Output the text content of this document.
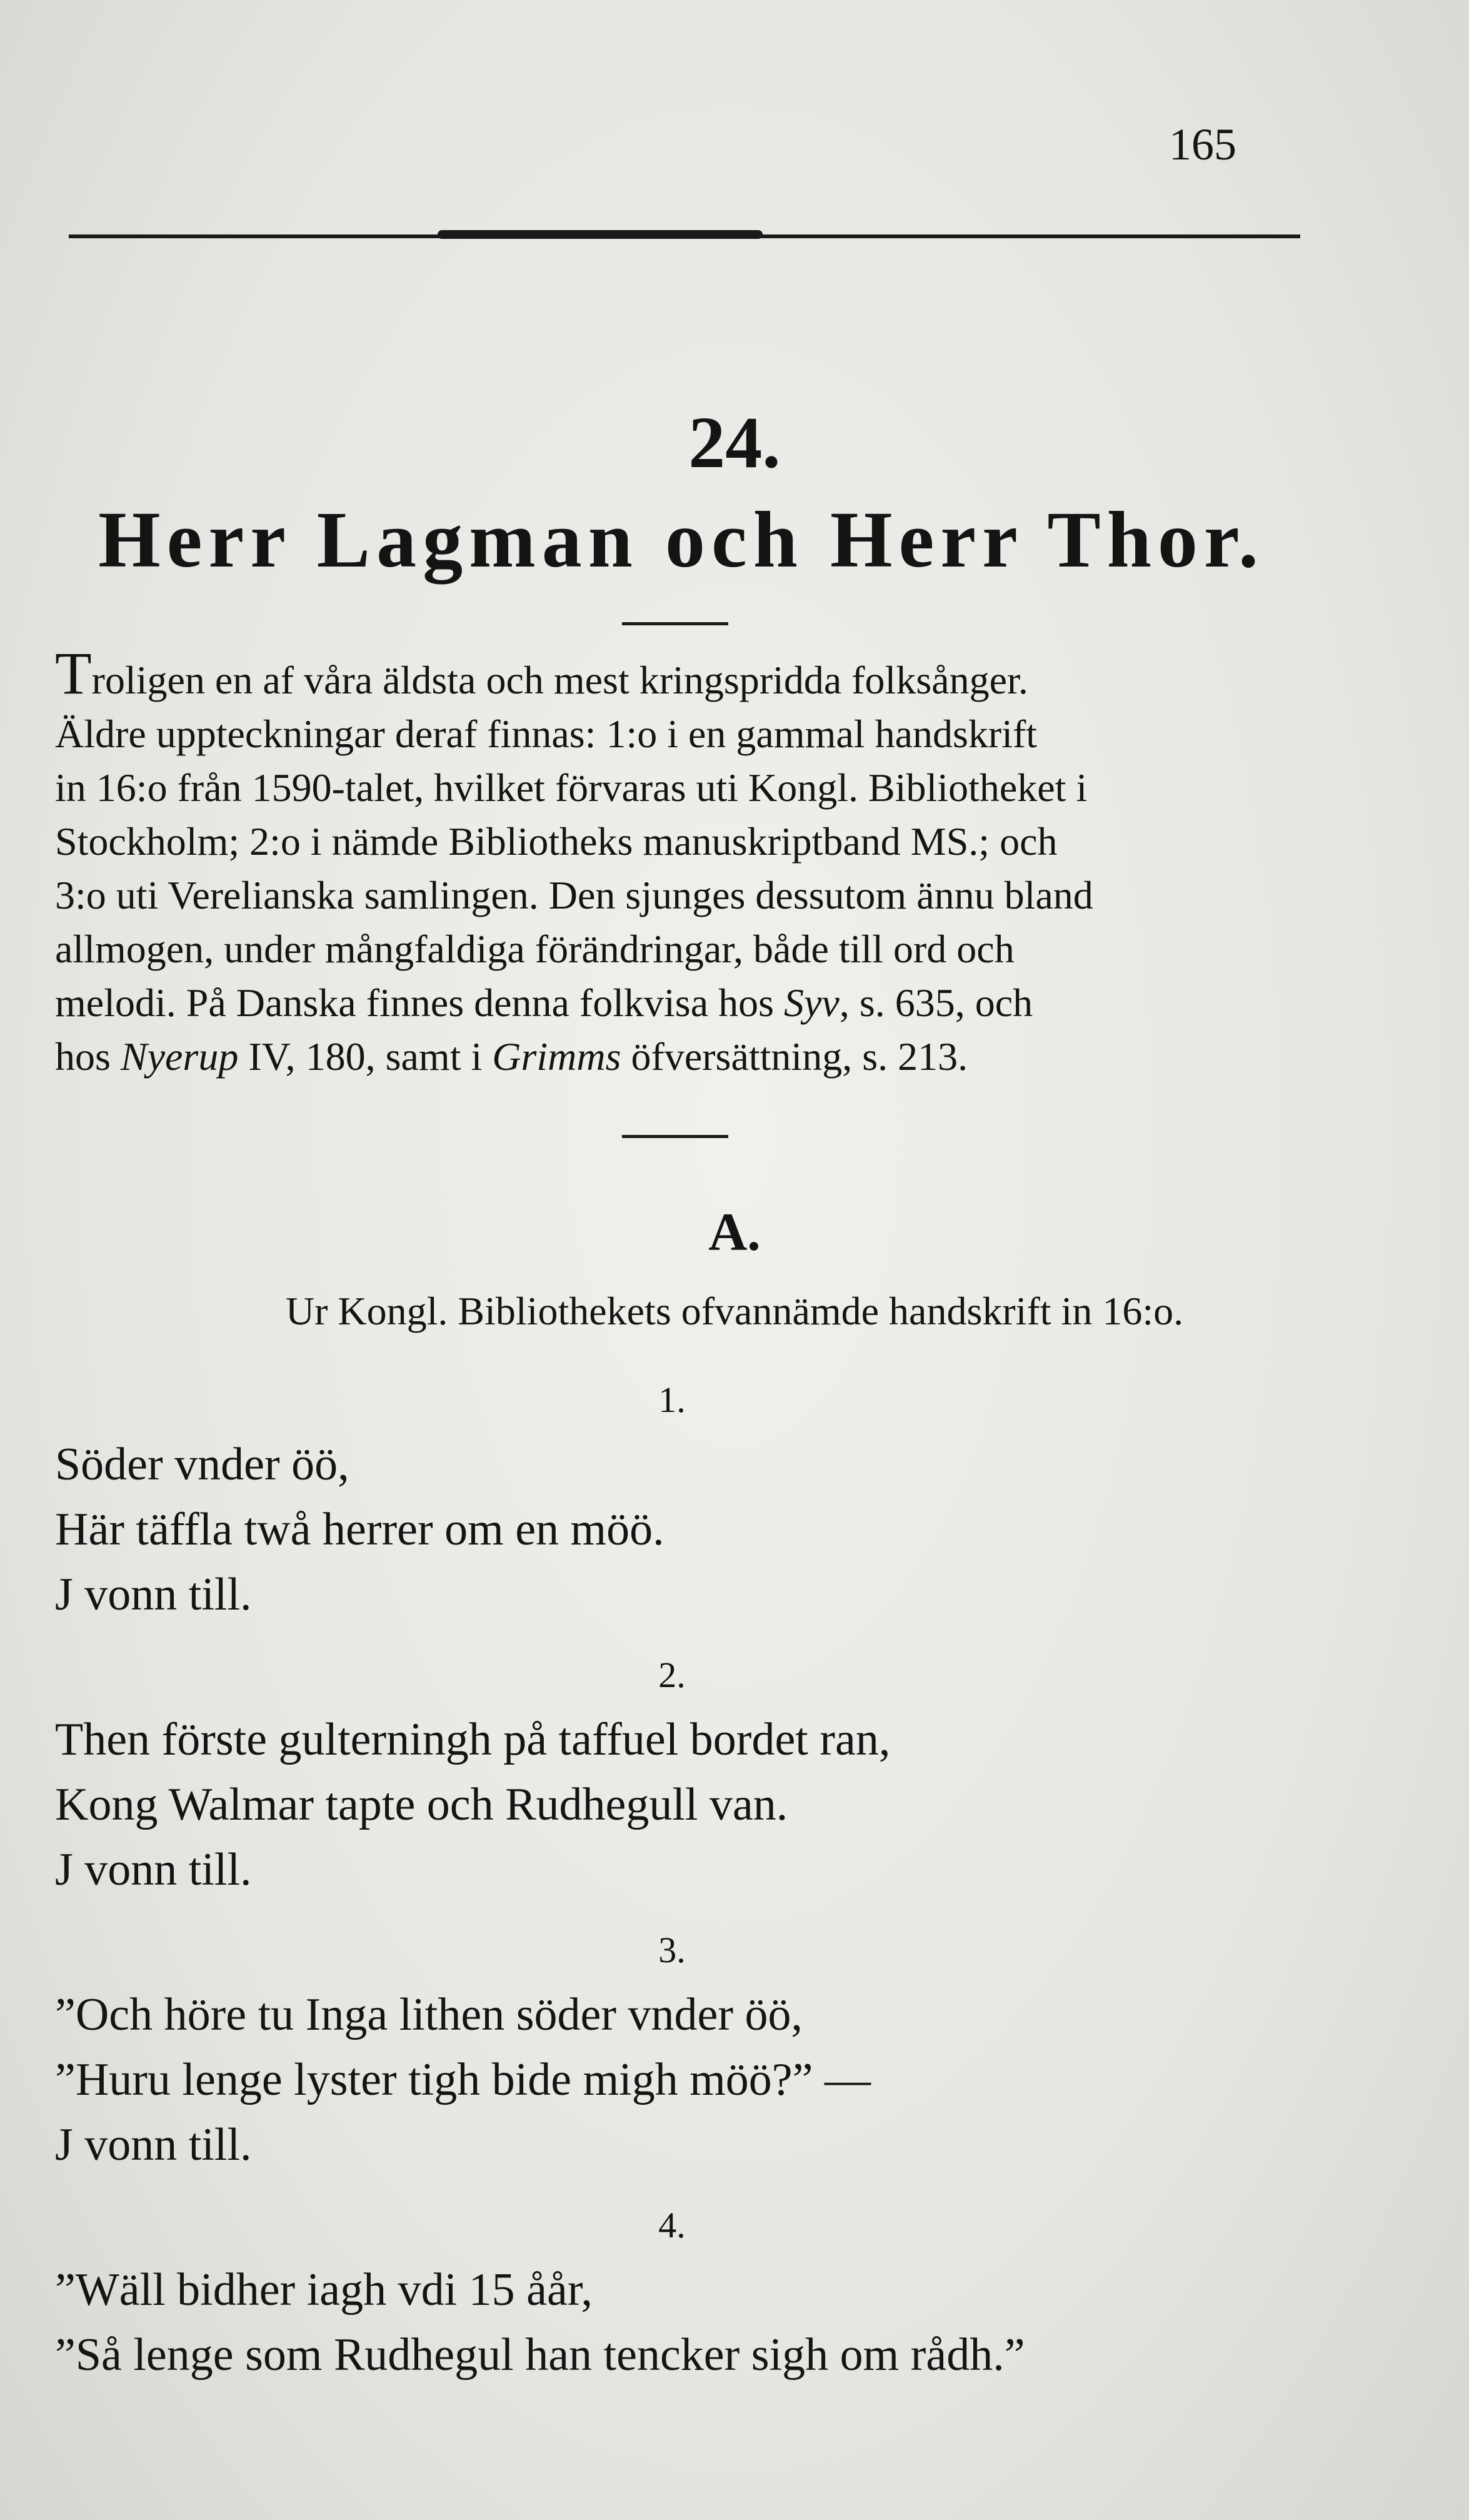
165
24.
Herr Lagman och Herr Thor.
Troligen en af våra äldsta och mest kringspridda folksånger.
Äldre uppteckningar deraf finnas: 1:o i en gammal handskrift
in 16:o från 1590-talet, hvilket förvaras uti Kongl. Bibliotheket i
Stockholm; 2:o i nämde Bibliotheks manuskriptband MS.; och
3:o uti Verelianska samlingen. Den sjunges dessutom ännu bland
allmogen, under mångfaldiga förändringar, både till ord och
melodi. På Danska finnes denna folkvisa hos Syv, s. 635, och
hos Nyerup IV, 180, samt i Grimms öfversättning, s. 213.
A.
Ur Kongl. Bibliothekets ofvannämde handskrift in 16:o.
1.
Söder vnder öö,
Här täffla twå herrer om en möö.
J vonn till.
2.
Then förste gulterningh på taffuel bordet ran,
Kong Walmar tapte och Rudhegull van.
J vonn till.
3.
”Och höre tu Inga lithen söder vnder öö,
”Huru lenge lyster tigh bide migh möö?” —
J vonn till.
4.
”Wäll bidher iagh vdi 15 åår,
”Så lenge som Rudhegul han tencker sigh om rådh.”
